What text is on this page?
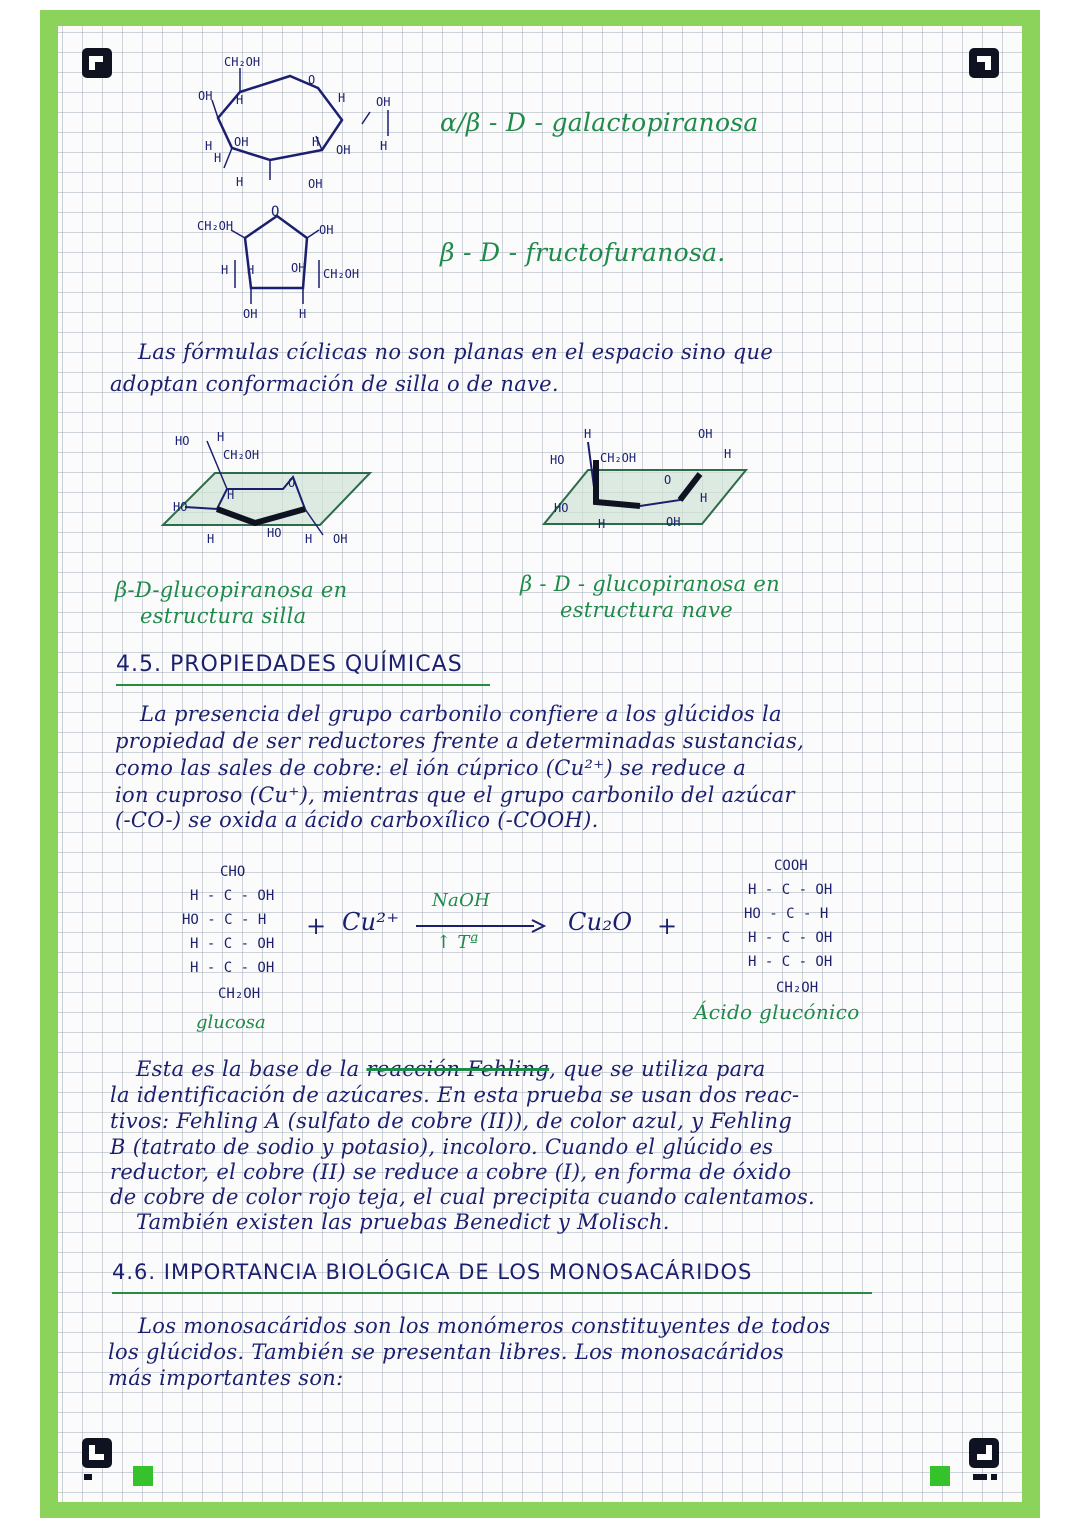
CH₂OH
OH H
O
H	OH
H OH	H
OH H
H	OH
H

α/β - D - galactopiranosa

CH₂OH
O
OH
H H	OH CH₂OH
OH	H

β - D - fructofuranosa.

Las fórmulas cíclicas no son planas en el espacio sino que

adoptan conformación de silla o de nave.

HO H
CH₂OH
O
HO
H
H	HO H OH

β-D-glucopiranosa en

estructura silla

HO
H
CH₂OH
OH
H
O
HO
H
H
OH

β - D - glucopiranosa en

estructura nave

4.5. PROPIEDADES QUÍMICAS

La presencia del grupo carbonilo confiere a los glúcidos la

propiedad de ser reductores frente a determinadas sustancias,

como las sales de cobre: el ión cúprico (Cu²⁺) se reduce a

ion cuproso (Cu⁺), mientras que el grupo carbonilo del azúcar

(-CO-) se oxida a ácido carboxílico (-COOH).

CHO
H - C - OH
HO - C - H
H - C - OH
H - C - OH
CH₂OH
glucosa

+ Cu²⁺

NaOH

↑ Tª

Cu₂O +

COOH
H - C - OH
HO - C - H
H - C - OH
H - C - OH
CH₂OH

Ácido glucónico

Esta es la base de la reacción Fehling, que se utiliza para

la identificación de azúcares. En esta prueba se usan dos reac-

tivos: Fehling A (sulfato de cobre (II)), de color azul, y Fehling

B (tatrato de sodio y potasio), incoloro. Cuando el glúcido es

reductor, el cobre (II) se reduce a cobre (I), en forma de óxido

de cobre de color rojo teja, el cual precipita cuando calentamos.

También existen las pruebas Benedict y Molisch.

4.6. IMPORTANCIA BIOLÓGICA DE LOS MONOSACÁRIDOS

Los monosacáridos son los monómeros constituyentes de todos

los glúcidos. También se presentan libres. Los monosacáridos

más importantes son:
